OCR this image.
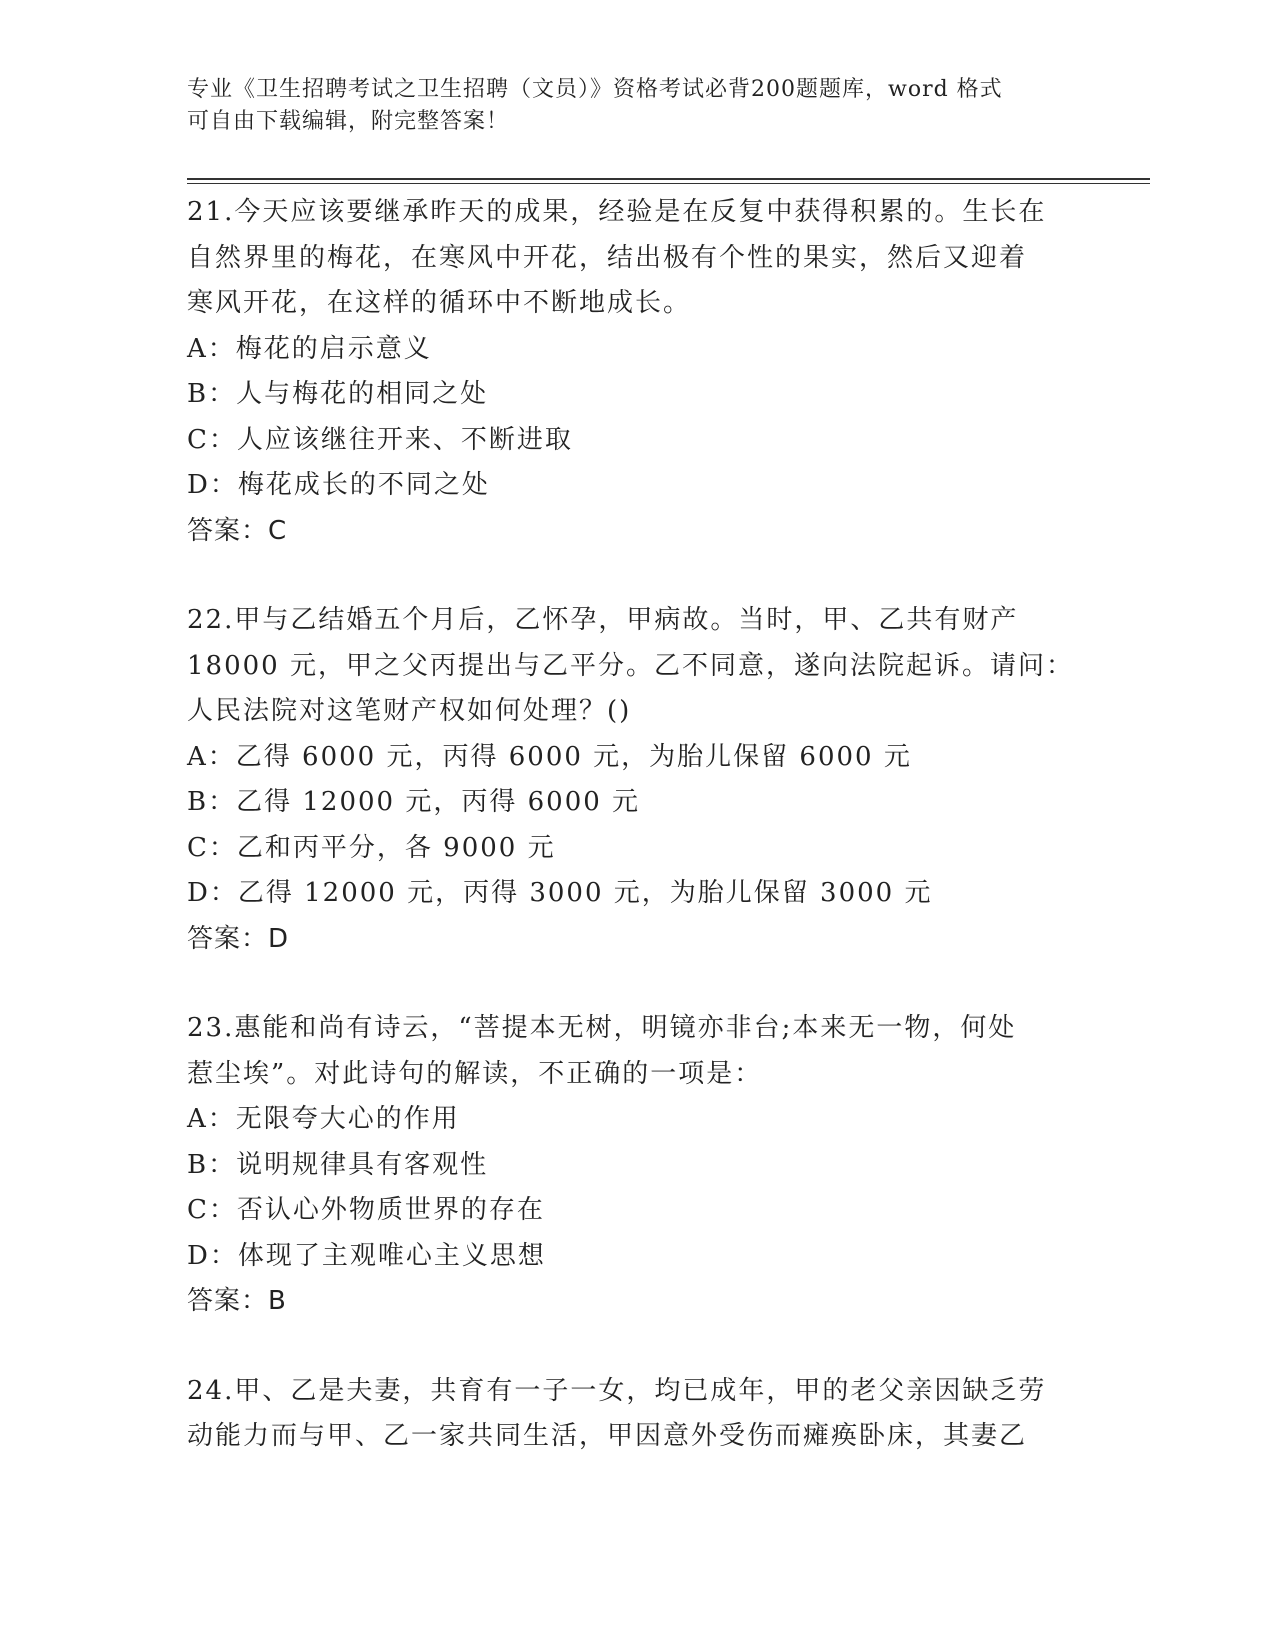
专业《卫生招聘考试之卫生招聘（文员）》资格考试必背200题题库，word 格式
可自由下载编辑，附完整答案！
21.今天应该要继承昨天的成果，经验是在反复中获得积累的。生长在
自然界里的梅花，在寒风中开花，结出极有个性的果实，然后又迎着
寒风开花，在这样的循环中不断地成长。
A：梅花的启示意义
B：人与梅花的相同之处
C：人应该继往开来、不断进取
D：梅花成长的不同之处
答案：C
22.甲与乙结婚五个月后，乙怀孕，甲病故。当时，甲、乙共有财产
18000 元，甲之父丙提出与乙平分。乙不同意，遂向法院起诉。请问：
人民法院对这笔财产权如何处理？()
A：乙得 6000 元，丙得 6000 元，为胎儿保留 6000 元
B：乙得 12000 元，丙得 6000 元
C：乙和丙平分，各 9000 元
D：乙得 12000 元，丙得 3000 元，为胎儿保留 3000 元
答案：D
23.惠能和尚有诗云，“菩提本无树，明镜亦非台;本来无一物，何处
惹尘埃”。对此诗句的解读，不正确的一项是：
A：无限夸大心的作用
B：说明规律具有客观性
C：否认心外物质世界的存在
D：体现了主观唯心主义思想
答案：B
24.甲、乙是夫妻，共育有一子一女，均已成年，甲的老父亲因缺乏劳
动能力而与甲、乙一家共同生活，甲因意外受伤而瘫痪卧床，其妻乙
